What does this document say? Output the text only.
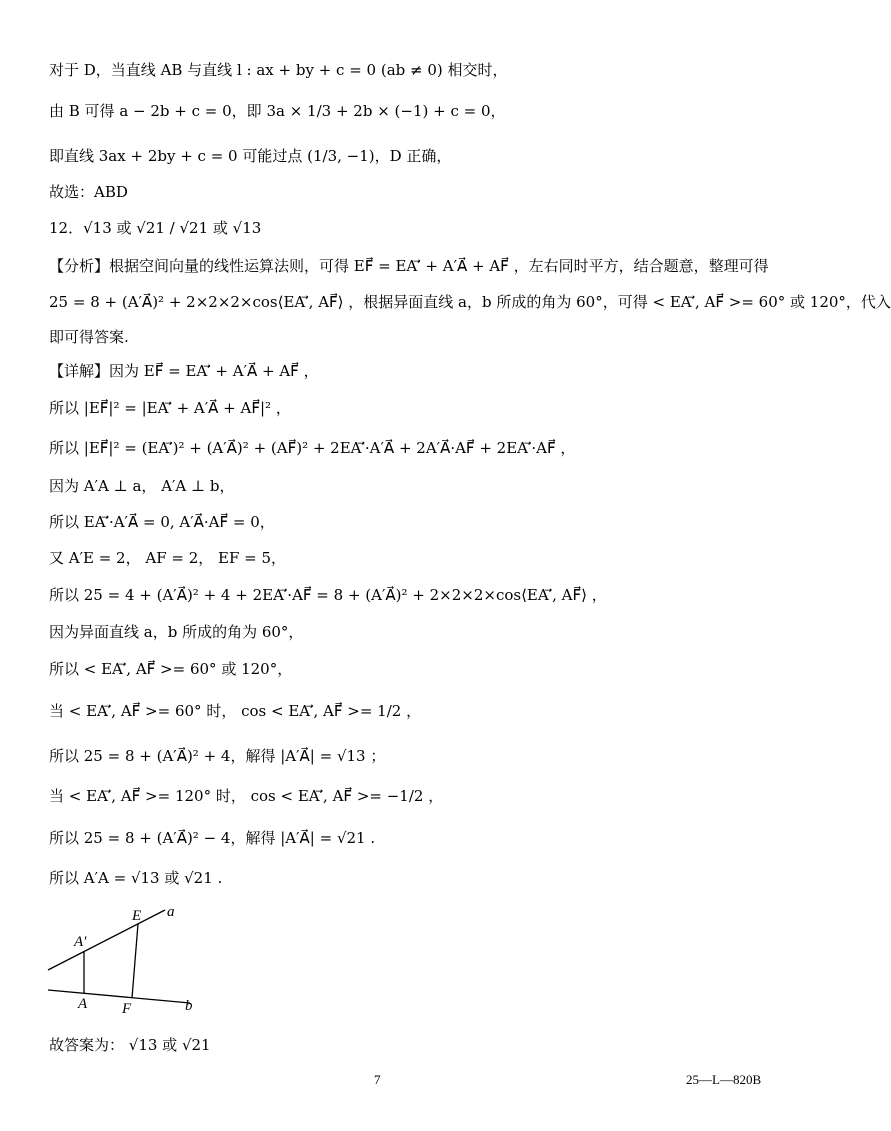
对于 D，当直线 AB 与直线 l : ax + by + c = 0 (ab ≠ 0) 相交时，
由 B 可得 a − 2b + c = 0，即 3a × 1/3 + 2b × (−1) + c = 0，
即直线 3ax + 2by + c = 0 可能过点 (1/3, −1)，D 正确，
故选：ABD
12．√13 或 √21 / √21 或 √13
【分析】根据空间向量的线性运算法则，可得 EF⃗ = EA′⃗ + A′A⃗ + AF⃗ ，左右同时平方，结合题意，整理可得
25 = 8 + (A′A⃗)² + 2×2×2×cos⟨EA′⃗, AF⃗⟩ ，根据异面直线 a，b 所成的角为 60°，可得 < EA′⃗, AF⃗ >= 60° 或 120°，代入
即可得答案.
【详解】因为 EF⃗ = EA′⃗ + A′A⃗ + AF⃗ ，
所以 |EF⃗|² = |EA′⃗ + A′A⃗ + AF⃗|² ，
所以 |EF⃗|² = (EA′⃗)² + (A′A⃗)² + (AF⃗)² + 2EA′⃗·A′A⃗ + 2A′A⃗·AF⃗ + 2EA′⃗·AF⃗ ，
因为 A′A ⊥ a， A′A ⊥ b，
所以 EA′⃗·A′A⃗ = 0, A′A⃗·AF⃗ = 0，
又 A′E = 2， AF = 2， EF = 5，
所以 25 = 4 + (A′A⃗)² + 4 + 2EA′⃗·AF⃗ = 8 + (A′A⃗)² + 2×2×2×cos⟨EA′⃗, AF⃗⟩ ，
因为异面直线 a，b 所成的角为 60°，
所以 < EA′⃗, AF⃗ >= 60° 或 120°，
当 < EA′⃗, AF⃗ >= 60° 时， cos < EA′⃗, AF⃗ >= 1/2 ，
所以 25 = 8 + (A′A⃗)² + 4，解得 |A′A⃗| = √13 ；
当 < EA′⃗, AF⃗ >= 120° 时， cos < EA′⃗, AF⃗ >= −1/2 ，
所以 25 = 8 + (A′A⃗)² − 4，解得 |A′A⃗| = √21 .
所以 A′A = √13 或 √21 .
E a
A′
A F	b
故答案为： √13 或 √21
7	25—L—820B
